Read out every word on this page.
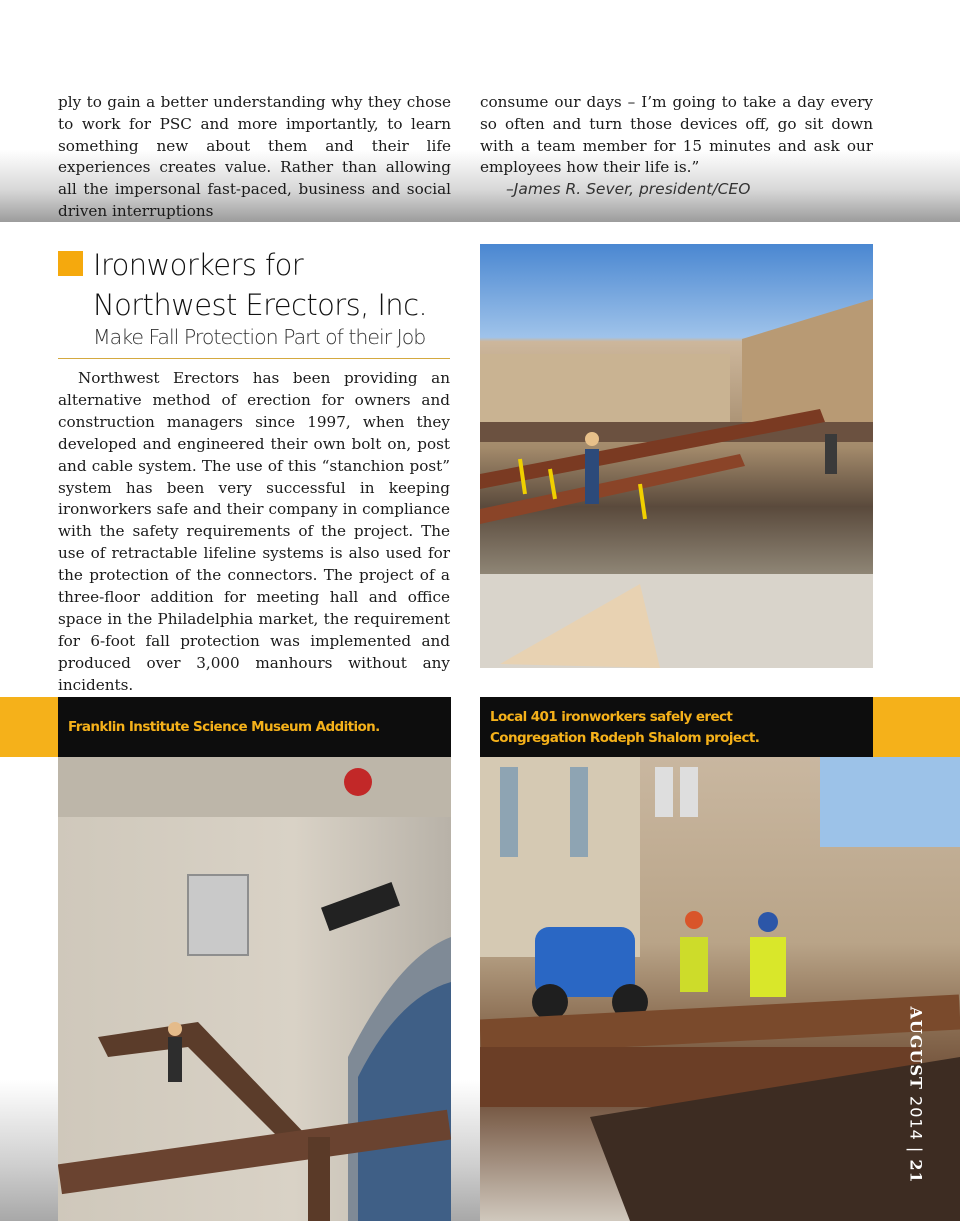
ply to gain a better understanding why they chose to work for PSC and more importantly, to learn something new about them and their life experiences creates value. Rather than allowing all the impersonal fast-paced, business and social driven interruptions
consume our days – I’m going to take a day every so often and turn those devices off, go sit down with a team member for 15 minutes and ask our employees how their life is.”
–James R. Sever, president/CEO
Ironworkers for
Northwest Erectors, Inc.
Make Fall Protection Part of their Job

Northwest Erectors has been providing an alternative method of erection for owners and construction managers since 1997, when they developed and engineered their own bolt on, post and cable system. The use of this “stanchion post” system has been very successful in keeping ironworkers safe and their company in compliance with the safety requirements of the project. The use of retractable lifeline systems is also used for the protection of the connectors. The project of a three-floor addition for meeting hall and office space in the Philadelphia market, the requirement for 6-foot fall protection was implemented and produced over 3,000 manhours without any incidents.

Franklin Institute Science Museum Addition.
Local 401 ironworkers safely erect
Congregation Rodeph Shalom project.
AUGUST 2014 | 21
